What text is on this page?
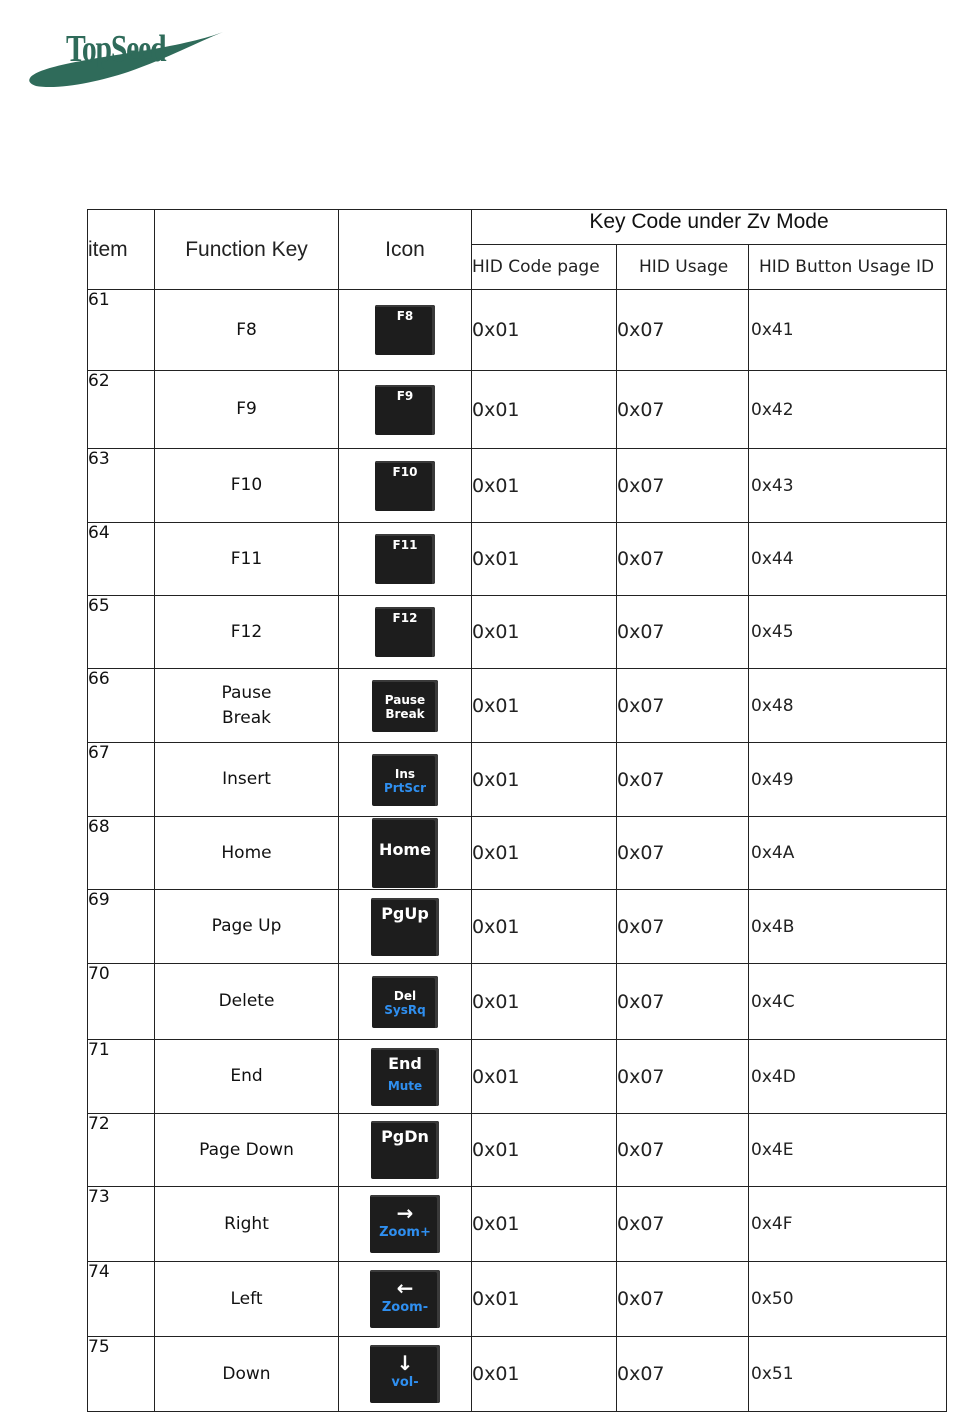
TopSeed
item	Function Key	Icon	Key Code under Zv Mode		
			HID Code page	HID Usage	HID Button Usage ID
61	F8	F8	0x01	0x07	0x41
62	F9	F9	0x01	0x07	0x42
63	F10	F10	0x01	0x07	0x43
64	F11	F11	0x01	0x07	0x44
65	F12	F12	0x01	0x07	0x45
66	Pause
Break	Pause
Break	0x01	0x07	0x48
67	Insert	Ins
PrtScr	0x01	0x07	0x49
68	Home	Home	0x01	0x07	0x4A
69	Page Up	PgUp	0x01	0x07	0x4B
70	Delete	Del
SysRq	0x01	0x07	0x4C
71	End	End
Mute	0x01	0x07	0x4D
72	Page Down	PgDn	0x01	0x07	0x4E
73	Right	→
Zoom+	0x01	0x07	0x4F
74	Left	←
Zoom-	0x01	0x07	0x50
75	Down	↓
vol-	0x01	0x07	0x51
